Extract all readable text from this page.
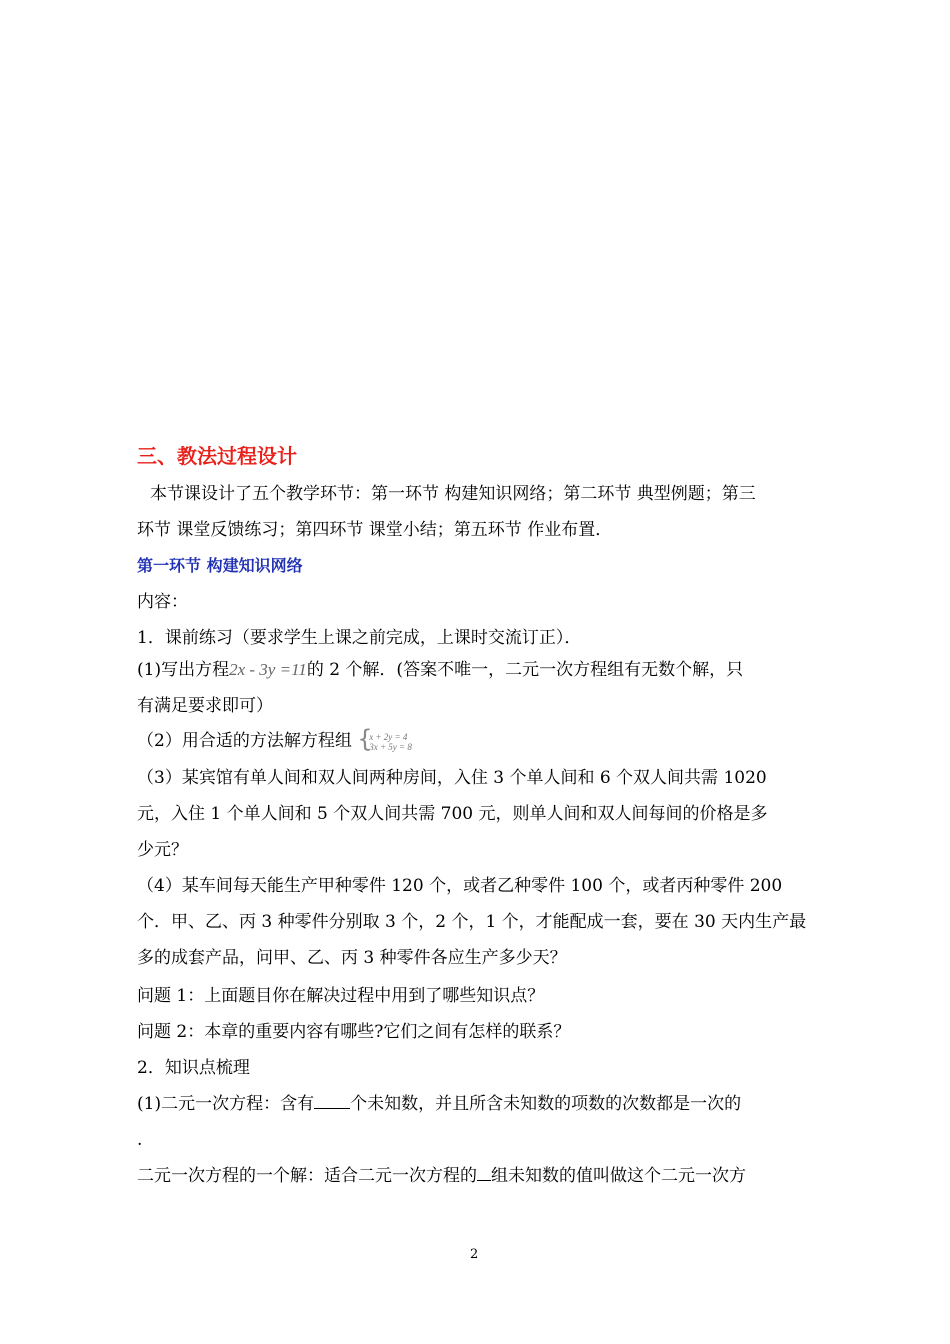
三、教法过程设计
本节课设计了五个教学环节：第一环节 构建知识网络；第二环节 典型例题；第三
环节 课堂反馈练习；第四环节 课堂小结；第五环节 作业布置．
第一环节 构建知识网络
内容：
1．课前练习（要求学生上课之前完成，上课时交流订正）．
(1)写出方程2x - 3y =11的 2 个解．(答案不唯一，二元一次方程组有无数个解，只
有满足要求即可）
（2）用合适的方法解方程组 {
x + 2y = 4
3x + 5y = 8
（3）某宾馆有单人间和双人间两种房间，入住 3 个单人间和 6 个双人间共需 1020
元，入住 1 个单人间和 5 个双人间共需 700 元，则单人间和双人间每间的价格是多
少元？
（4）某车间每天能生产甲种零件 120 个，或者乙种零件 100 个，或者丙种零件 200
个．甲、乙、丙 3 种零件分别取 3 个，2 个，1 个，才能配成一套，要在 30 天内生产最
多的成套产品，问甲、乙、丙 3 种零件各应生产多少天？
问题 1：上面题目你在解决过程中用到了哪些知识点？
问题 2：本章的重要内容有哪些?它们之间有怎样的联系？
2．知识点梳理
(1)二元一次方程：含有 个未知数，并且所含未知数的项数的次数都是一次的
.
二元一次方程的一个解：适合二元一次方程的 组未知数的值叫做这个二元一次方
2
